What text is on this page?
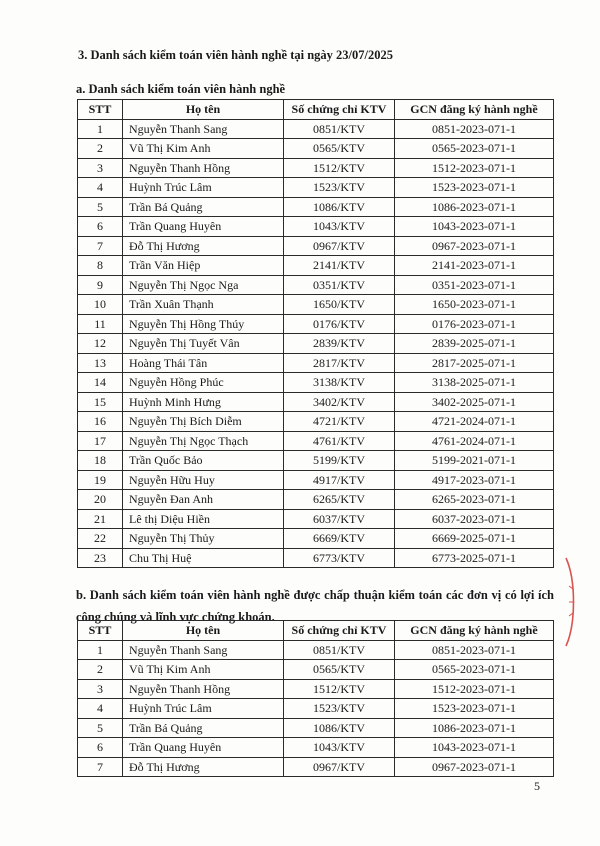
3. Danh sách kiểm toán viên hành nghề tại ngày 23/07/2025
a. Danh sách kiểm toán viên hành nghề
STT	Họ tên	Số chứng chỉ KTV	GCN đăng ký hành nghề
1	Nguyễn Thanh Sang	0851/KTV	0851-2023-071-1
2	Vũ Thị Kim Anh	0565/KTV	0565-2023-071-1
3	Nguyễn Thanh Hồng	1512/KTV	1512-2023-071-1
4	Huỳnh Trúc Lâm	1523/KTV	1523-2023-071-1
5	Trần Bá Quảng	1086/KTV	1086-2023-071-1
6	Trần Quang Huyên	1043/KTV	1043-2023-071-1
7	Đỗ Thị Hương	0967/KTV	0967-2023-071-1
8	Trần Văn Hiệp	2141/KTV	2141-2023-071-1
9	Nguyễn Thị Ngọc Nga	0351/KTV	0351-2023-071-1
10	Trần Xuân Thạnh	1650/KTV	1650-2023-071-1
11	Nguyễn Thị Hồng Thúy	0176/KTV	0176-2023-071-1
12	Nguyễn Thị Tuyết Vân	2839/KTV	2839-2025-071-1
13	Hoàng Thái Tân	2817/KTV	2817-2025-071-1
14	Nguyễn Hồng Phúc	3138/KTV	3138-2025-071-1
15	Huỳnh Minh Hưng	3402/KTV	3402-2025-071-1
16	Nguyễn Thị Bích Diễm	4721/KTV	4721-2024-071-1
17	Nguyễn Thị Ngọc Thạch	4761/KTV	4761-2024-071-1
18	Trần Quốc Bảo	5199/KTV	5199-2021-071-1
19	Nguyễn Hữu Huy	4917/KTV	4917-2023-071-1
20	Nguyễn Đan Anh	6265/KTV	6265-2023-071-1
21	Lê thị Diệu Hiền	6037/KTV	6037-2023-071-1
22	Nguyễn Thị Thủy	6669/KTV	6669-2025-071-1
23	Chu Thị Huệ	6773/KTV	6773-2025-071-1
b. Danh sách kiểm toán viên hành nghề được chấp thuận kiểm toán các đơn vị có lợi ích công chúng và lĩnh vực chứng khoán.
STT	Họ tên	Số chứng chỉ KTV	GCN đăng ký hành nghề
1	Nguyễn Thanh Sang	0851/KTV	0851-2023-071-1
2	Vũ Thị Kim Anh	0565/KTV	0565-2023-071-1
3	Nguyễn Thanh Hồng	1512/KTV	1512-2023-071-1
4	Huỳnh Trúc Lâm	1523/KTV	1523-2023-071-1
5	Trần Bá Quảng	1086/KTV	1086-2023-071-1
6	Trần Quang Huyên	1043/KTV	1043-2023-071-1
7	Đỗ Thị Hương	0967/KTV	0967-2023-071-1
5
